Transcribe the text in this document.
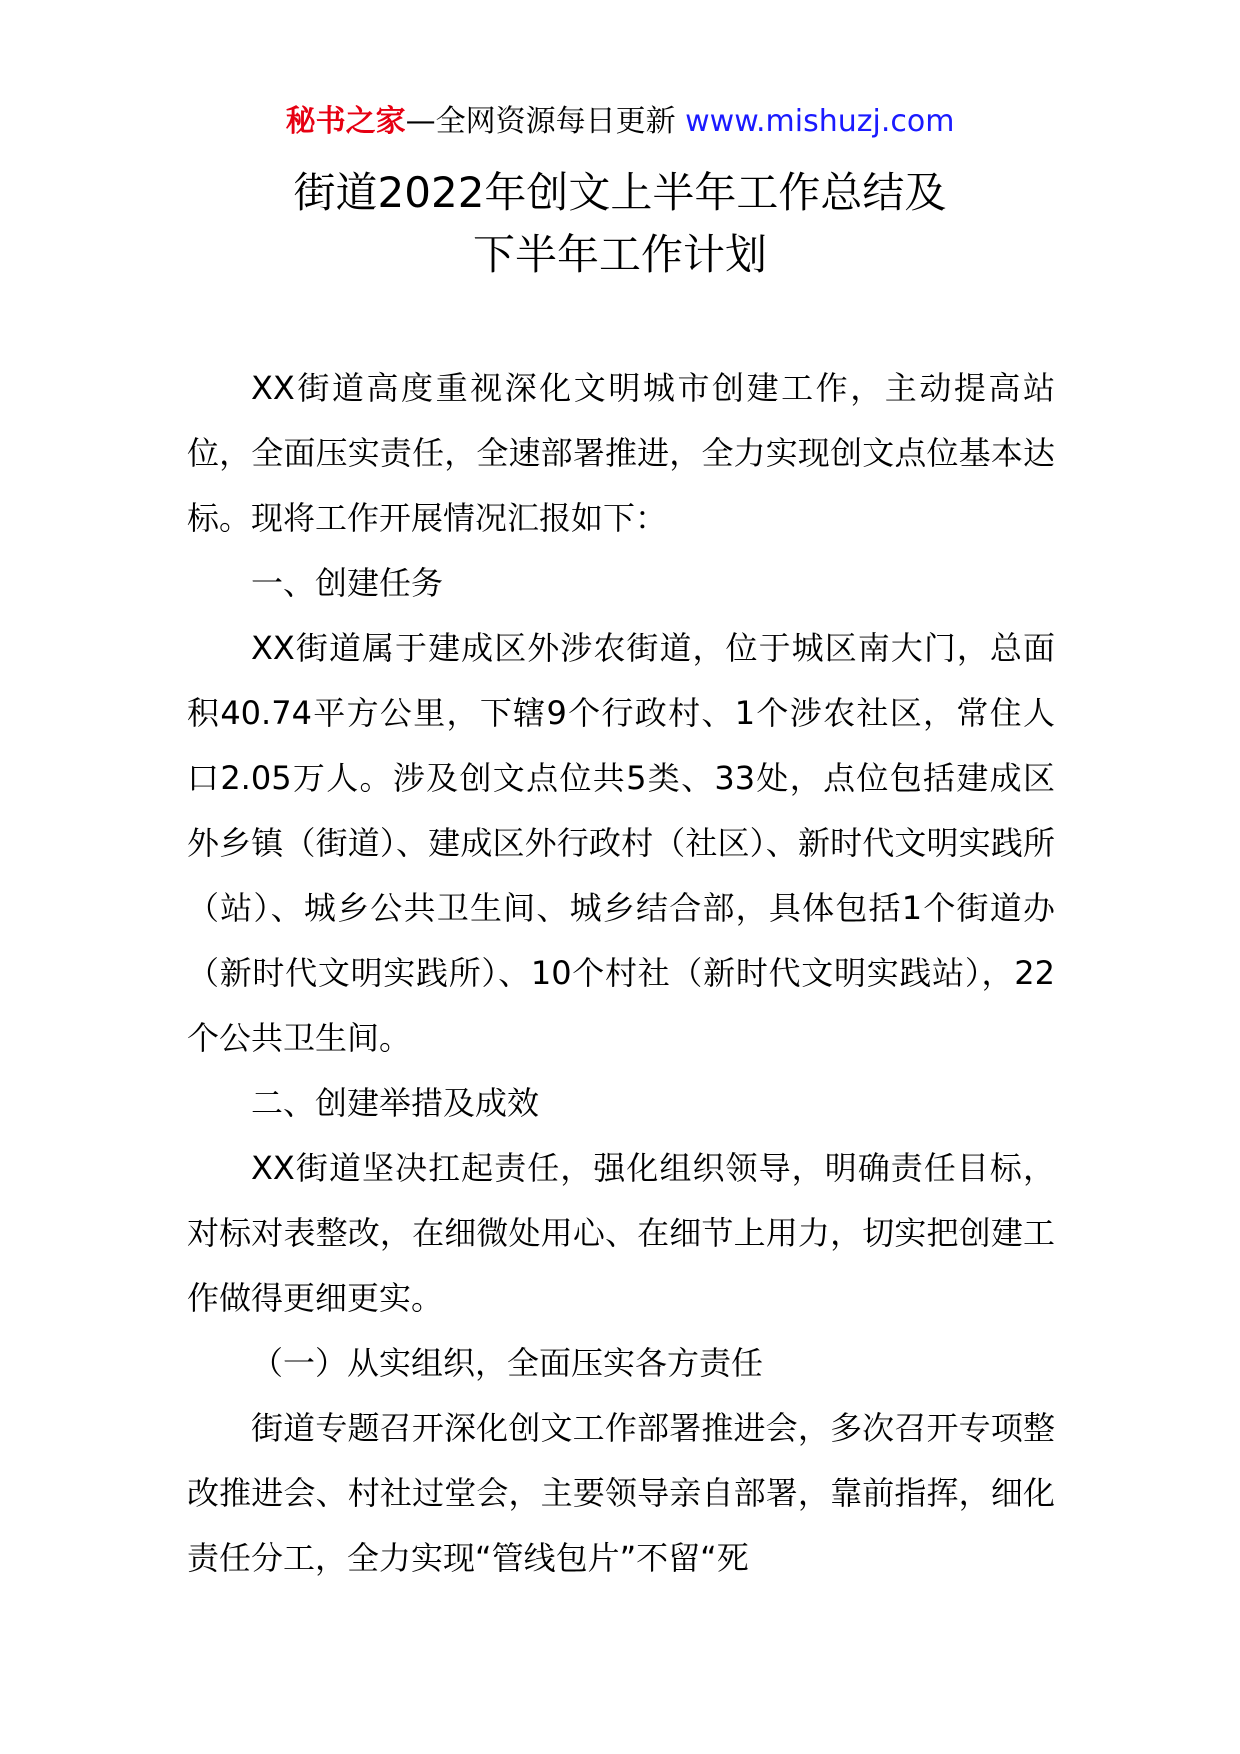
秘书之家—全网资源每日更新 www.mishuzj.com
街道2022年创文上半年工作总结及
下半年工作计划

XX街道高度重视深化文明城市创建工作，主动提高站位，全面压实责任，全速部署推进，全力实现创文点位基本达标。现将工作开展情况汇报如下：

一、创建任务

XX街道属于建成区外涉农街道，位于城区南大门，总面积40.74平方公里，下辖9个行政村、1个涉农社区，常住人口2.05万人。涉及创文点位共5类、33处，点位包括建成区外乡镇（街道）、建成区外行政村（社区）、新时代文明实践所（站）、城乡公共卫生间、城乡结合部，具体包括1个街道办（新时代文明实践所）、10个村社（新时代文明实践站），22个公共卫生间。

二、创建举措及成效

XX街道坚决扛起责任，强化组织领导，明确责任目标，对标对表整改，在细微处用心、在细节上用力，切实把创建工作做得更细更实。

（一）从实组织，全面压实各方责任

街道专题召开深化创文工作部署推进会，多次召开专项整改推进会、村社过堂会，主要领导亲自部署，靠前指挥，细化责任分工，全力实现“管线包片”不留“死
